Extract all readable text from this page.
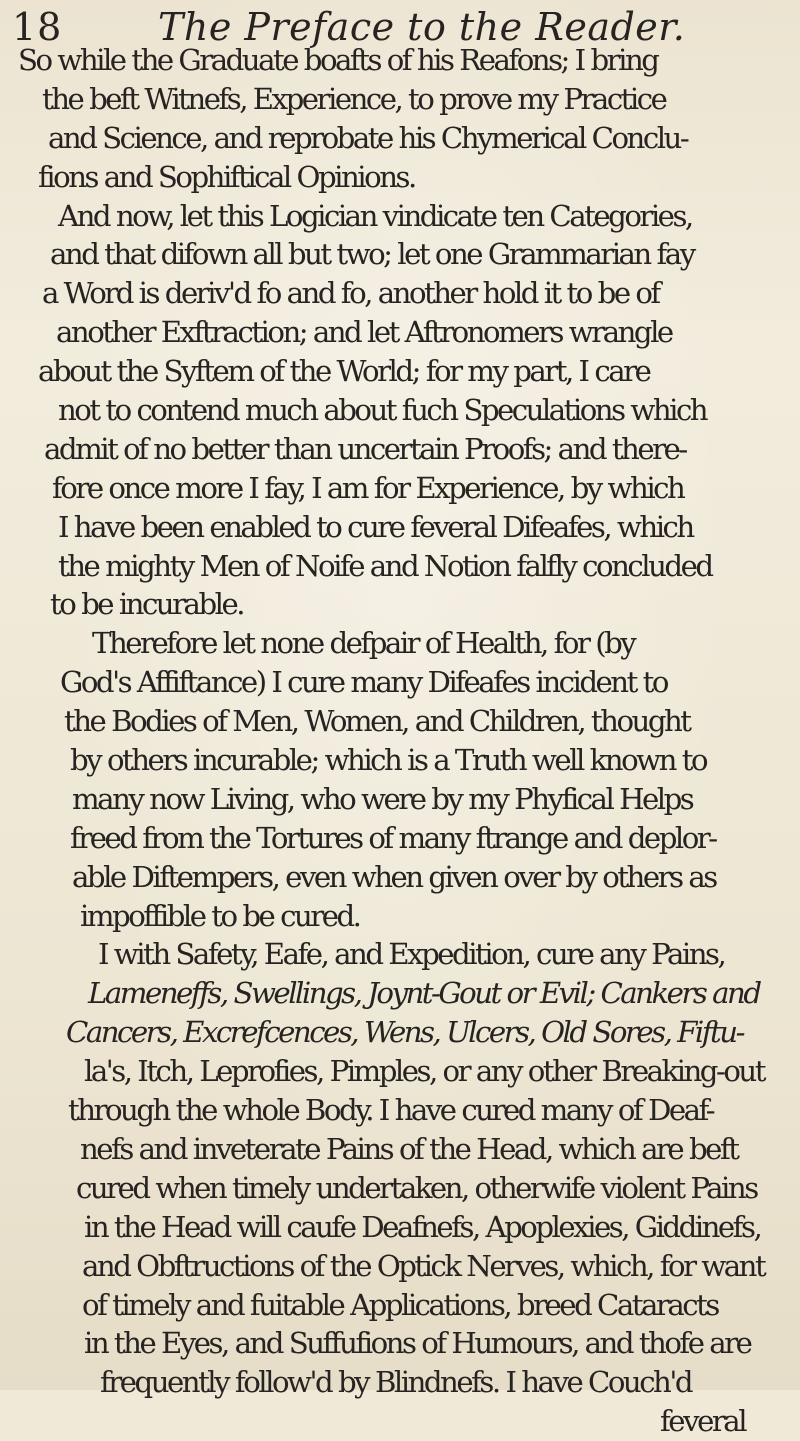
18	The Preface to the Reader.
So while the Graduate boafts of his Reafons; I bring
the beft Witnefs, Experience, to prove my Practice
and Science, and reprobate his Chymerical Conclu-
fions and Sophiftical Opinions.
And now, let this Logician vindicate ten Categories,
and that difown all but two; let one Grammarian fay
a Word is deriv'd fo and fo, another hold it to be of
another Exftraction; and let Aftronomers wrangle
about the Syftem of the World; for my part, I care
not to contend much about fuch Speculations which
admit of no better than uncertain Proofs; and there-
fore once more I fay, I am for Experience, by which
I have been enabled to cure feveral Difeafes, which
the mighty Men of Noife and Notion falfly concluded
to be incurable.
Therefore let none defpair of Health, for (by
God's Affiftance) I cure many Difeafes incident to
the Bodies of Men, Women, and Children, thought
by others incurable; which is a Truth well known to
many now Living, who were by my Phyfical Helps
freed from the Tortures of many ftrange and deplor-
able Diftempers, even when given over by others as
impoffible to be cured.
I with Safety, Eafe, and Expedition, cure any Pains,
Lameneffs, Swellings, Joynt-Gout or Evil; Cankers and
Cancers, Excrefcences, Wens, Ulcers, Old Sores, Fiftu-
la's, Itch, Leprofies, Pimples, or any other Breaking-out
through the whole Body. I have cured many of Deaf-
nefs and inveterate Pains of the Head, which are beft
cured when timely undertaken, otherwife violent Pains
in the Head will caufe Deafnefs, Apoplexies, Giddinefs,
and Obftructions of the Optick Nerves, which, for want
of timely and fuitable Applications, breed Cataracts
in the Eyes, and Suffufions of Humours, and thofe are
frequently follow'd by Blindnefs. I have Couch'd
feveral
